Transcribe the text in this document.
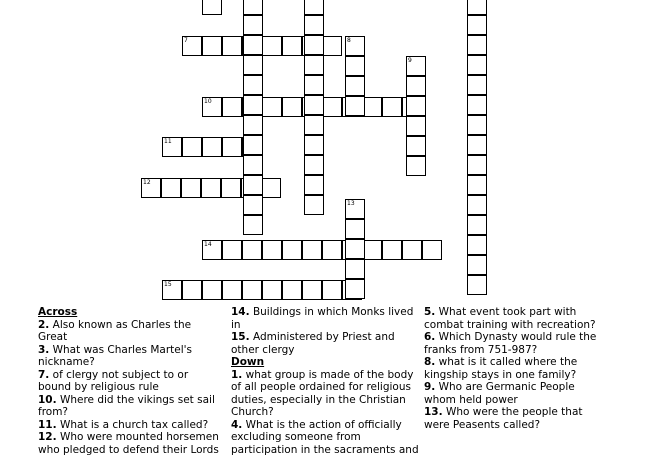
7
10
11
12
14
15
8
9
13
Across
2. Also known as Charles the Great
3. What was Charles Martel's nickname?
7. of clergy not subject to or bound by religious rule
10. Where did the vikings set sail from?
11. What is a church tax called?
12. Who were mounted horsemen who pledged to defend their Lords
14. Buildings in which Monks lived in
15. Administered by Priest and other clergy
Down
1. what group is made of the body of all people ordained for religious duties, especially in the Christian Church?
4. What is the action of officially excluding someone from participation in the sacraments and
5. What event took part with combat training with recreation?
6. Which Dynasty would rule the franks from 751-987?
8. what is it called where the kingship stays in one family?
9. Who are Germanic People whom held power
13. Who were the people that were Peasents called?
